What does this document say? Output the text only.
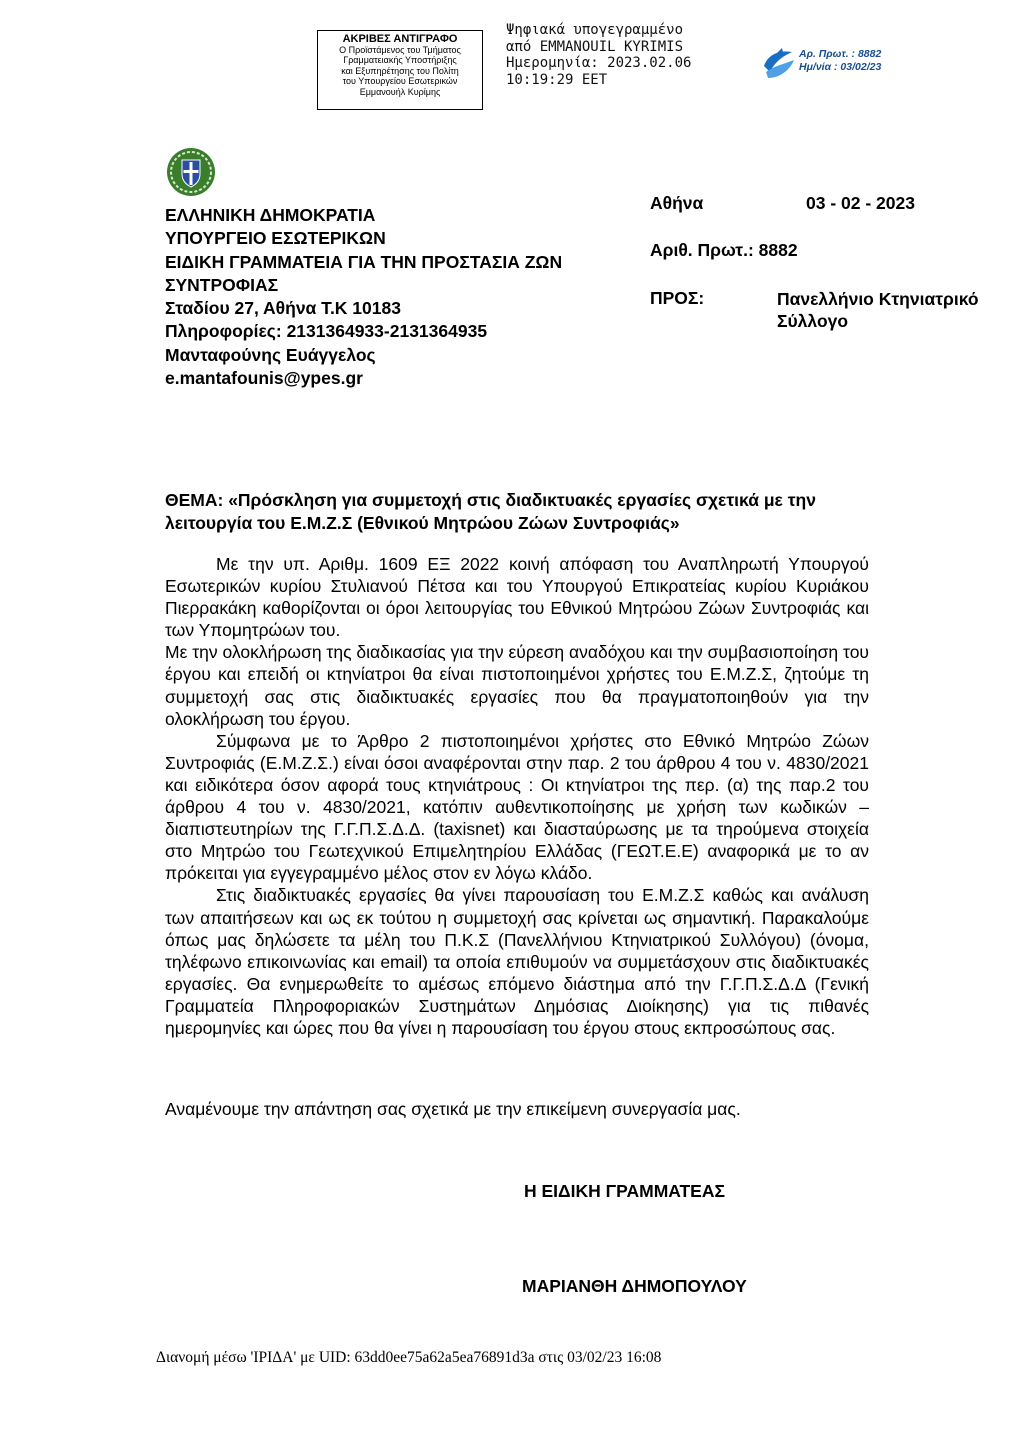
ΑΚΡΙΒΕΣ ΑΝΤΙΓΡΑΦΟ
Ο Προϊστάμενος του Τμήματος
Γραμματειακής Υποστήριξης
και Εξυπηρέτησης του Πολίτη
του Υπουργείου Εσωτερικών
Εμμανουήλ Κυρίμης
Ψηφιακά υπογεγραμμένο
από EMMANOUIL KYRIMIS
Ημερομηνία: 2023.02.06
10:19:29 EET
Αρ. Πρωτ. : 8882
Ημ/νία : 03/02/23
ΕΛΛΗΝΙΚΗ ΔΗΜΟΚΡΑΤΙΑ
ΥΠΟΥΡΓΕΙΟ ΕΣΩΤΕΡΙΚΩΝ
ΕΙΔΙΚΗ ΓΡΑΜΜΑΤΕΙΑ ΓΙΑ ΤΗΝ ΠΡΟΣΤΑΣΙΑ ΖΩΝ ΣΥΝΤΡΟΦΙΑΣ
Σταδίου 27, Αθήνα Τ.Κ 10183
Πληροφορίες: 2131364933-2131364935
Μανταφούνης Ευάγγελος
e.mantafounis@ypes.gr
Αθήνα	03 - 02 - 2023
Αριθ. Πρωτ.: 8882
ΠΡΟΣ:	Πανελλήνιο Κτηνιατρικό Σύλλογο
ΘΕΜΑ: «Πρόσκληση για συμμετοχή στις διαδικτυακές εργασίες σχετικά με την λειτουργία του Ε.Μ.Ζ.Σ (Εθνικού Μητρώου Ζώων Συντροφιάς»

Με την υπ. Αριθμ. 1609 ΕΞ 2022 κοινή απόφαση του Αναπληρωτή Υπουργού Εσωτερικών κυρίου Στυλιανού Πέτσα και του Υπουργού Επικρατείας κυρίου Κυριάκου Πιερρακάκη καθορίζονται οι όροι λειτουργίας του Εθνικού Μητρώου Ζώων Συντροφιάς και των Υπομητρώων του.

Με την ολοκλήρωση της διαδικασίας για την εύρεση αναδόχου και την συμβασιοποίηση του έργου και επειδή οι κτηνίατροι θα είναι πιστοποιημένοι χρήστες του Ε.Μ.Ζ.Σ, ζητούμε τη συμμετοχή σας στις διαδικτυακές εργασίες που θα πραγματοποιηθούν για την ολοκλήρωση του έργου.

Σύμφωνα με το Άρθρο 2 πιστοποιημένοι χρήστες στο Εθνικό Μητρώο Ζώων Συντροφιάς (Ε.Μ.Ζ.Σ.) είναι όσοι αναφέρονται στην παρ. 2 του άρθρου 4 του ν. 4830/2021 και ειδικότερα όσον αφορά τους κτηνιάτρους : Οι κτηνίατροι της περ. (α) της παρ.2 του άρθρου 4 του ν. 4830/2021, κατόπιν αυθεντικοποίησης με χρήση των κωδικών – διαπιστευτηρίων της Γ.Γ.Π.Σ.Δ.Δ. (taxisnet) και διασταύρωσης με τα τηρούμενα στοιχεία στο Μητρώο του Γεωτεχνικού Επιμελητηρίου Ελλάδας (ΓΕΩΤ.Ε.Ε) αναφορικά με το αν πρόκειται για εγγεγραμμένο μέλος στον εν λόγω κλάδο.

Στις διαδικτυακές εργασίες θα γίνει παρουσίαση του Ε.Μ.Ζ.Σ καθώς και ανάλυση των απαιτήσεων και ως εκ τούτου η συμμετοχή σας κρίνεται ως σημαντική. Παρακαλούμε όπως μας δηλώσετε τα μέλη του Π.Κ.Σ (Πανελλήνιου Κτηνιατρικού Συλλόγου) (όνομα, τηλέφωνο επικοινωνίας και email) τα οποία επιθυμούν να συμμετάσχουν στις διαδικτυακές εργασίες. Θα ενημερωθείτε το αμέσως επόμενο διάστημα από την Γ.Γ.Π.Σ.Δ.Δ (Γενική Γραμματεία Πληροφοριακών Συστημάτων Δημόσιας Διοίκησης) για τις πιθανές ημερομηνίες και ώρες που θα γίνει η παρουσίαση του έργου στους εκπροσώπους σας.

Αναμένουμε την απάντηση σας σχετικά με την επικείμενη συνεργασία μας.
Η ΕΙΔΙΚΗ ΓΡΑΜΜΑΤΕΑΣ
ΜΑΡΙΑΝΘΗ ΔΗΜΟΠΟΥΛΟΥ
Διανομή μέσω 'ΙΡΙΔΑ' με UID: 63dd0ee75a62a5ea76891d3a στις 03/02/23 16:08
